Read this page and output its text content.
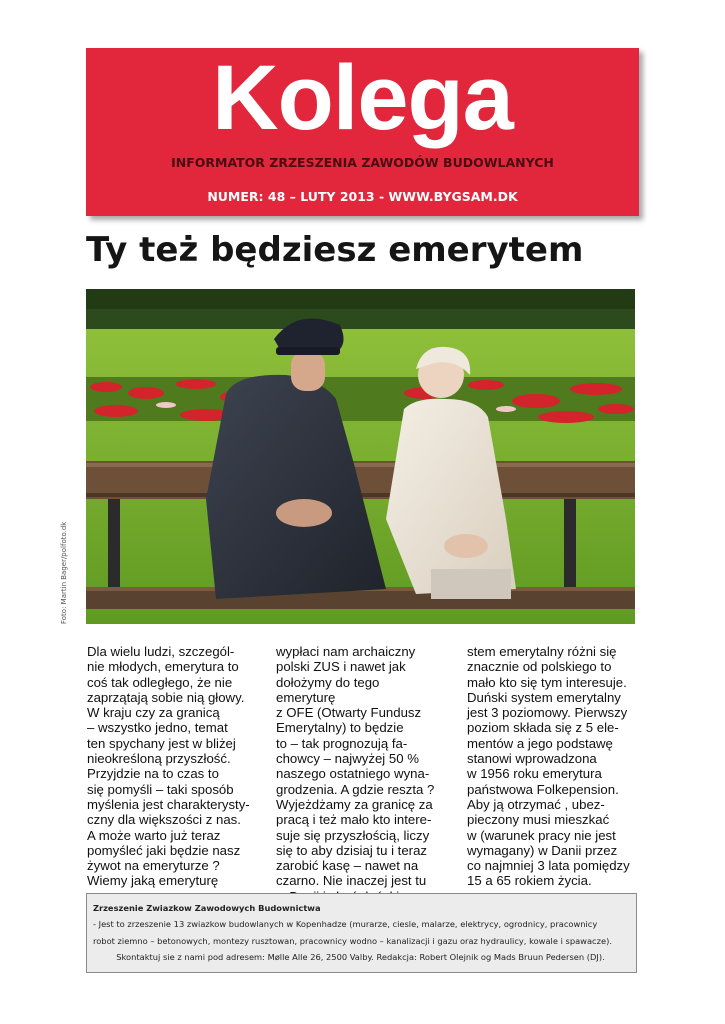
Kolega
INFORMATOR ZRZESZENIA ZAWODÓW BUDOWLANYCH
NUMER: 48 – LUTY 2013 - WWW.BYGSAM.DK
Ty też będziesz emerytem
Foto: Martin Bager/polfoto.dk

Dla wielu ludzi, szczegól-

nie młodych, emerytura to

coś tak odległego, że nie

zaprzątają sobie nią głowy.

W kraju czy za granicą

– wszystko jedno, temat

ten spychany jest w bliżej

nieokreśloną przyszłość.

Przyjdzie na to czas to

się pomyśli – taki sposób

myślenia jest charakterysty-

czny dla większości z nas.

A może warto już teraz

pomyśleć jaki będzie nasz

żywot na emeryturze ?

Wiemy jaką emeryturę

wypłaci nam archaiczny

polski ZUS i nawet jak

dołożymy do tego emeryturę

z OFE (Otwarty Fundusz

Emerytalny) to będzie

to – tak prognozują fa-

chowcy – najwyżej 50 %

naszego ostatniego wyna-

grodzenia. A gdzie reszta ?

Wyjeżdżamy za granicę za

pracą i też mało kto intere-

suje się przyszłością, liczy

się to aby dzisiaj tu i teraz

zarobić kasę – nawet na

czarno. Nie inaczej jest tu

stem emerytalny różni się

znacznie od polskiego to

mało kto się tym interesuje.

Duński system emerytalny

jest 3 poziomowy. Pierwszy

poziom składa się z 5 ele-

mentów a jego podstawę

stanowi wprowadzona

w 1956 roku emerytura

państwowa Folkepension.

Aby ją otrzymać , ubez-

pieczony musi mieszkać

w (warunek pracy nie jest

wymagany) w Danii przez

co najmniej 3 lata pomiędzy

15 a 65 rokiem życia.

Zrzeszenie Zwiazkow Zawodowych Budownictwa

- Jest to zrzeszenie 13 zwiazkow budowlanych w Kopenhadze (murarze, ciesle, malarze, elektrycy, ogrodnicy, pracownicy

robot ziemno – betonowych, montezy rusztowan, pracownicy wodno – kanalizacji i gazu oraz hydraulicy, kowale i spawacze).

Skontaktuj sie z nami pod adresem: Mølle Alle 26, 2500 Valby. Redakcja: Robert Olejnik og Mads Bruun Pedersen (DJ).
